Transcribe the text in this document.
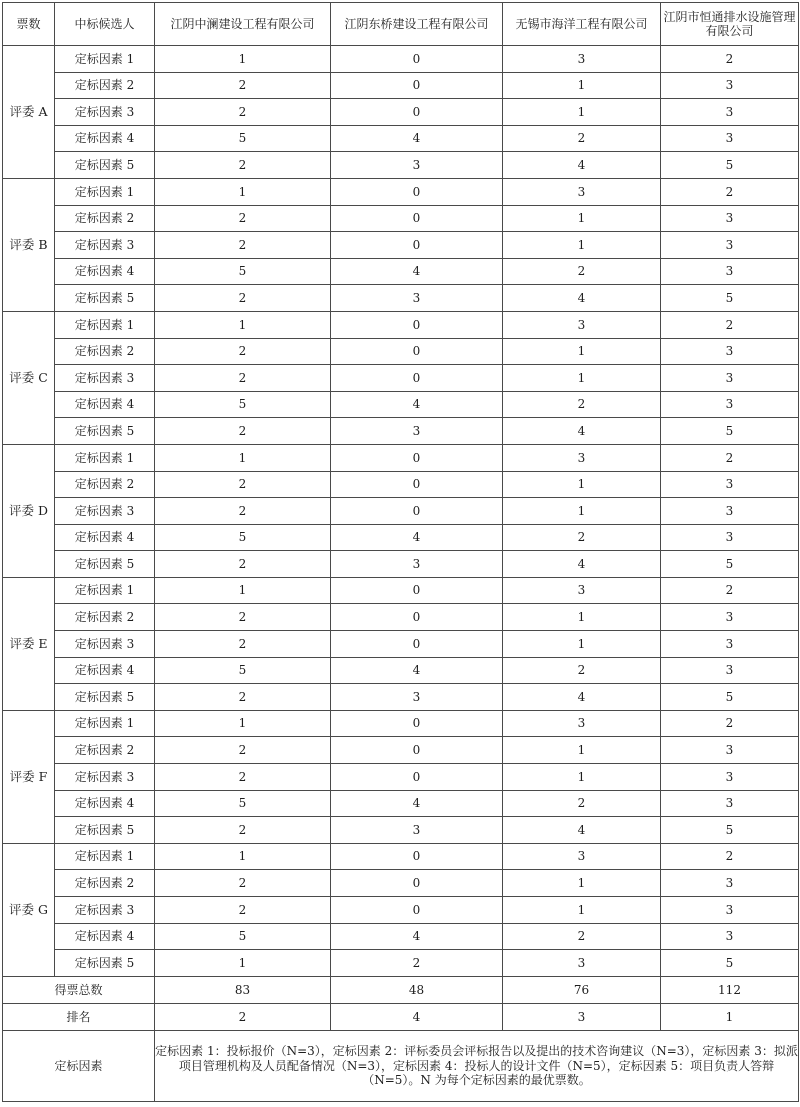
票数	中标候选人	江阴中澜建设工程有限公司	江阴东桥建设工程有限公司	无锡市海洋工程有限公司	江阴市恒通排水设施管理有限公司

评委 A	定标因素 1	1	0	3	2
	定标因素 2	2	0	1	3
	定标因素 3	2	0	1	3
	定标因素 4	5	4	2	3
	定标因素 5	2	3	4	5
评委 B	定标因素 1	1	0	3	2
	定标因素 2	2	0	1	3
	定标因素 3	2	0	1	3
	定标因素 4	5	4	2	3
	定标因素 5	2	3	4	5
评委 C	定标因素 1	1	0	3	2
	定标因素 2	2	0	1	3
	定标因素 3	2	0	1	3
	定标因素 4	5	4	2	3
	定标因素 5	2	3	4	5
评委 D	定标因素 1	1	0	3	2
	定标因素 2	2	0	1	3
	定标因素 3	2	0	1	3
	定标因素 4	5	4	2	3
	定标因素 5	2	3	4	5
评委 E	定标因素 1	1	0	3	2
	定标因素 2	2	0	1	3
	定标因素 3	2	0	1	3
	定标因素 4	5	4	2	3
	定标因素 5	2	3	4	5
评委 F	定标因素 1	1	0	3	2
	定标因素 2	2	0	1	3
	定标因素 3	2	0	1	3
	定标因素 4	5	4	2	3
	定标因素 5	2	3	4	5
评委 G	定标因素 1	1	0	3	2
	定标因素 2	2	0	1	3
	定标因素 3	2	0	1	3
	定标因素 4	5	4	2	3
	定标因素 5	1	2	3	5
得票总数		83	48	76	112
排名		2	4	3	1
定标因素		定标因素 1：投标报价（N=3），定标因素 2：评标委员会评标报告以及提出的技术咨询建议（N=3），定标因素 3：拟派项目管理机构及人员配备情况（N=3），定标因素 4：投标人的设计文件（N=5），定标因素 5：项目负责人答辩（N=5）。N 为每个定标因素的最优票数。			
